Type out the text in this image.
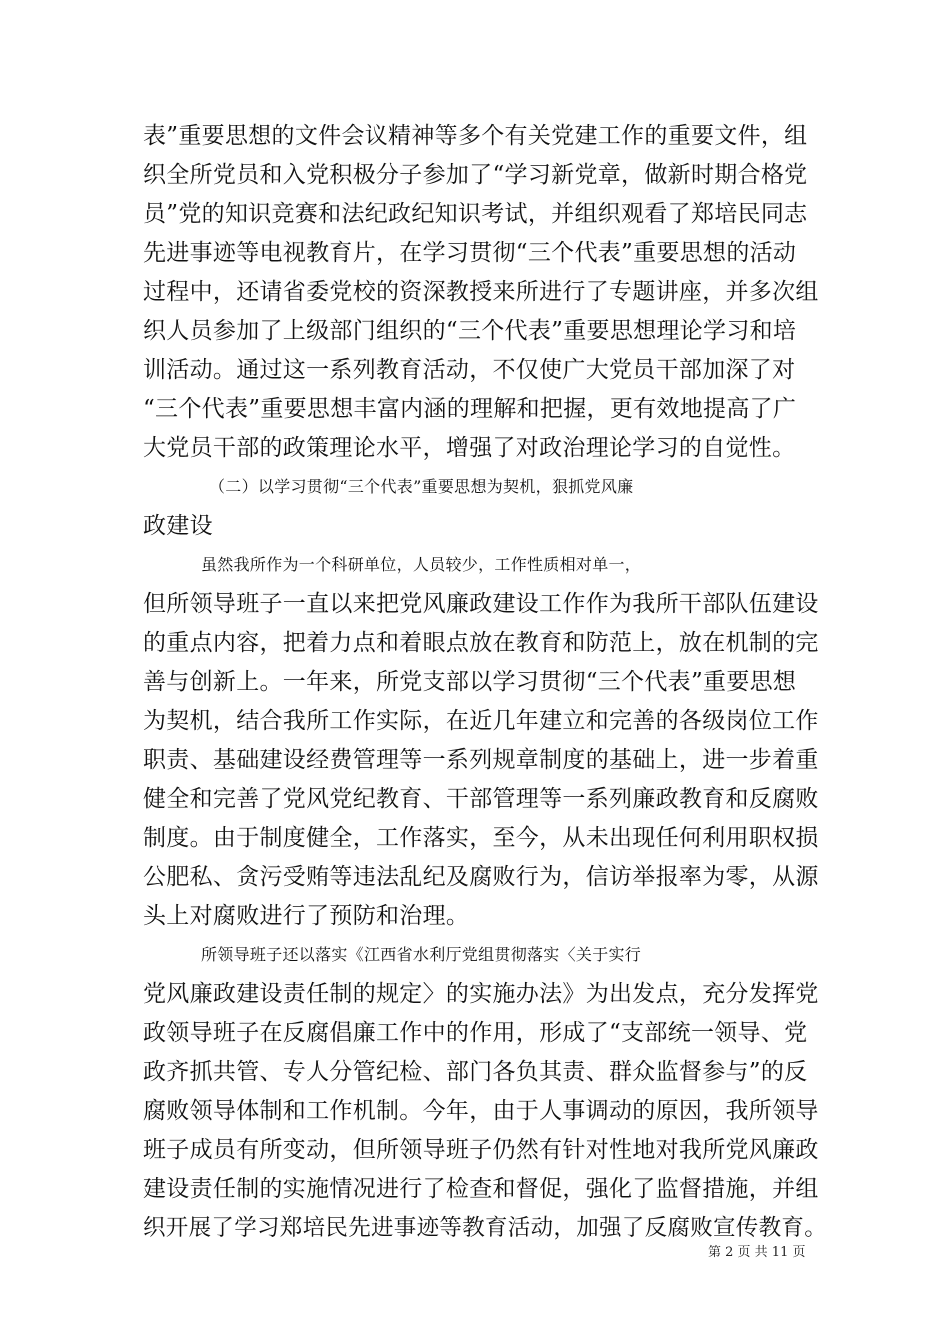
表”重要思想的文件会议精神等多个有关党建工作的重要文件，组
织全所党员和入党积极分子参加了“学习新党章，做新时期合格党
员”党的知识竞赛和法纪政纪知识考试，并组织观看了郑培民同志
先进事迹等电视教育片，在学习贯彻“三个代表”重要思想的活动
过程中，还请省委党校的资深教授来所进行了专题讲座，并多次组
织人员参加了上级部门组织的“三个代表”重要思想理论学习和培
训活动。通过这一系列教育活动，不仅使广大党员干部加深了对
“三个代表”重要思想丰富内涵的理解和把握，更有效地提高了广
大党员干部的政策理论水平，增强了对政治理论学习的自觉性。
（二）以学习贯彻“三个代表”重要思想为契机，狠抓党风廉
政建设
虽然我所作为一个科研单位，人员较少，工作性质相对单一，
但所领导班子一直以来把党风廉政建设工作作为我所干部队伍建设
的重点内容，把着力点和着眼点放在教育和防范上，放在机制的完
善与创新上。一年来，所党支部以学习贯彻“三个代表”重要思想
为契机，结合我所工作实际，在近几年建立和完善的各级岗位工作
职责、基础建设经费管理等一系列规章制度的基础上，进一步着重
健全和完善了党风党纪教育、干部管理等一系列廉政教育和反腐败
制度。由于制度健全，工作落实，至今，从未出现任何利用职权损
公肥私、贪污受贿等违法乱纪及腐败行为，信访举报率为零，从源
头上对腐败进行了预防和治理。
所领导班子还以落实《江西省水利厅党组贯彻落实〈关于实行
党风廉政建设责任制的规定〉的实施办法》为出发点，充分发挥党
政领导班子在反腐倡廉工作中的作用，形成了“支部统一领导、党
政齐抓共管、专人分管纪检、部门各负其责、群众监督参与”的反
腐败领导体制和工作机制。今年，由于人事调动的原因，我所领导
班子成员有所变动，但所领导班子仍然有针对性地对我所党风廉政
建设责任制的实施情况进行了检查和督促，强化了监督措施，并组
织开展了学习郑培民先进事迹等教育活动，加强了反腐败宣传教育。
第 2 页 共 11 页
